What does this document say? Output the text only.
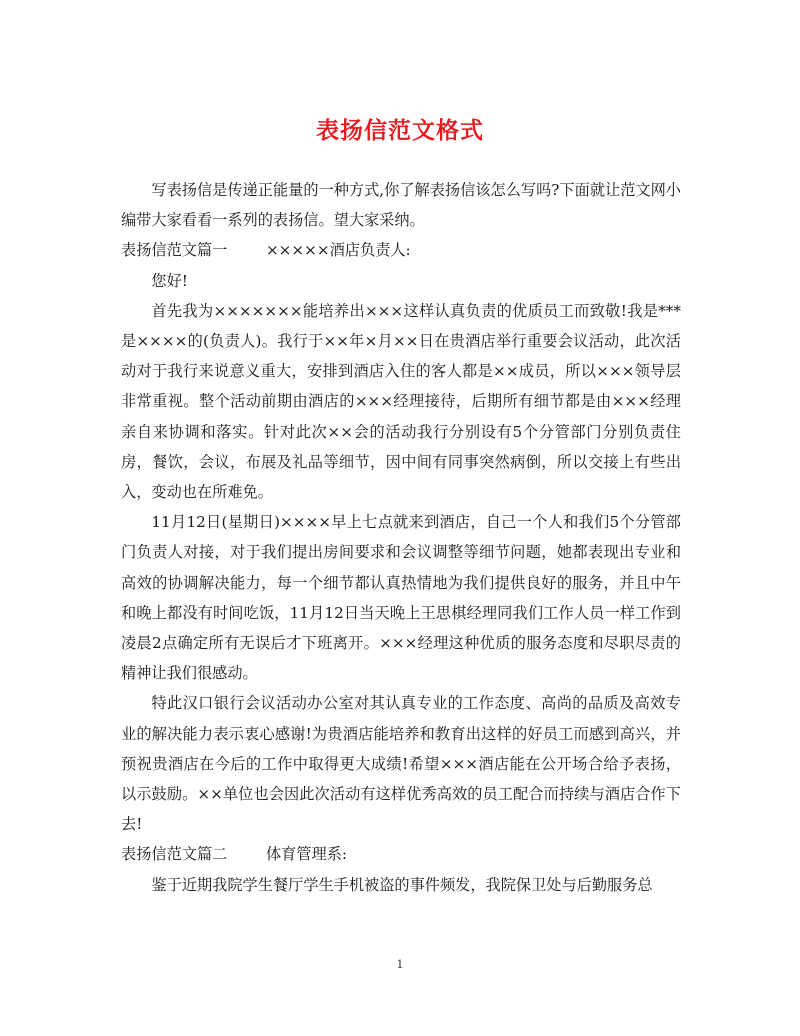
表扬信范文格式

写表扬信是传递正能量的一种方式,你了解表扬信该怎么写吗?下面就让范文网小编带大家看看一系列的表扬信。望大家采纳。

表扬信范文篇一	×××××酒店负责人:

您好!

首先我为×××××××能培养出×××这样认真负责的优质员工而致敬!我是***是××××的(负责人)。我行于××年×月××日在贵酒店举行重要会议活动，此次活动对于我行来说意义重大，安排到酒店入住的客人都是××成员，所以×××领导层非常重视。整个活动前期由酒店的×××经理接待，后期所有细节都是由×××经理亲自来协调和落实。针对此次××会的活动我行分别设有5个分管部门分别负责住房，餐饮，会议，布展及礼品等细节，因中间有同事突然病倒，所以交接上有些出入，变动也在所难免。

11月12日(星期日)××××早上七点就来到酒店，自己一个人和我们5个分管部门负责人对接，对于我们提出房间要求和会议调整等细节问题，她都表现出专业和高效的协调解决能力，每一个细节都认真热情地为我们提供良好的服务，并且中午和晚上都没有时间吃饭，11月12日当天晚上王思棋经理同我们工作人员一样工作到凌晨2点确定所有无误后才下班离开。×××经理这种优质的服务态度和尽职尽责的精神让我们很感动。

特此汉口银行会议活动办公室对其认真专业的工作态度、高尚的品质及高效专业的解决能力表示衷心感谢!为贵酒店能培养和教育出这样的好员工而感到高兴，并预祝贵酒店在今后的工作中取得更大成绩!希望×××酒店能在公开场合给予表扬，以示鼓励。××单位也会因此次活动有这样优秀高效的员工配合而持续与酒店合作下去!

表扬信范文篇二	体育管理系:

鉴于近期我院学生餐厅学生手机被盗的事件频发，我院保卫处与后勤服务总

1
